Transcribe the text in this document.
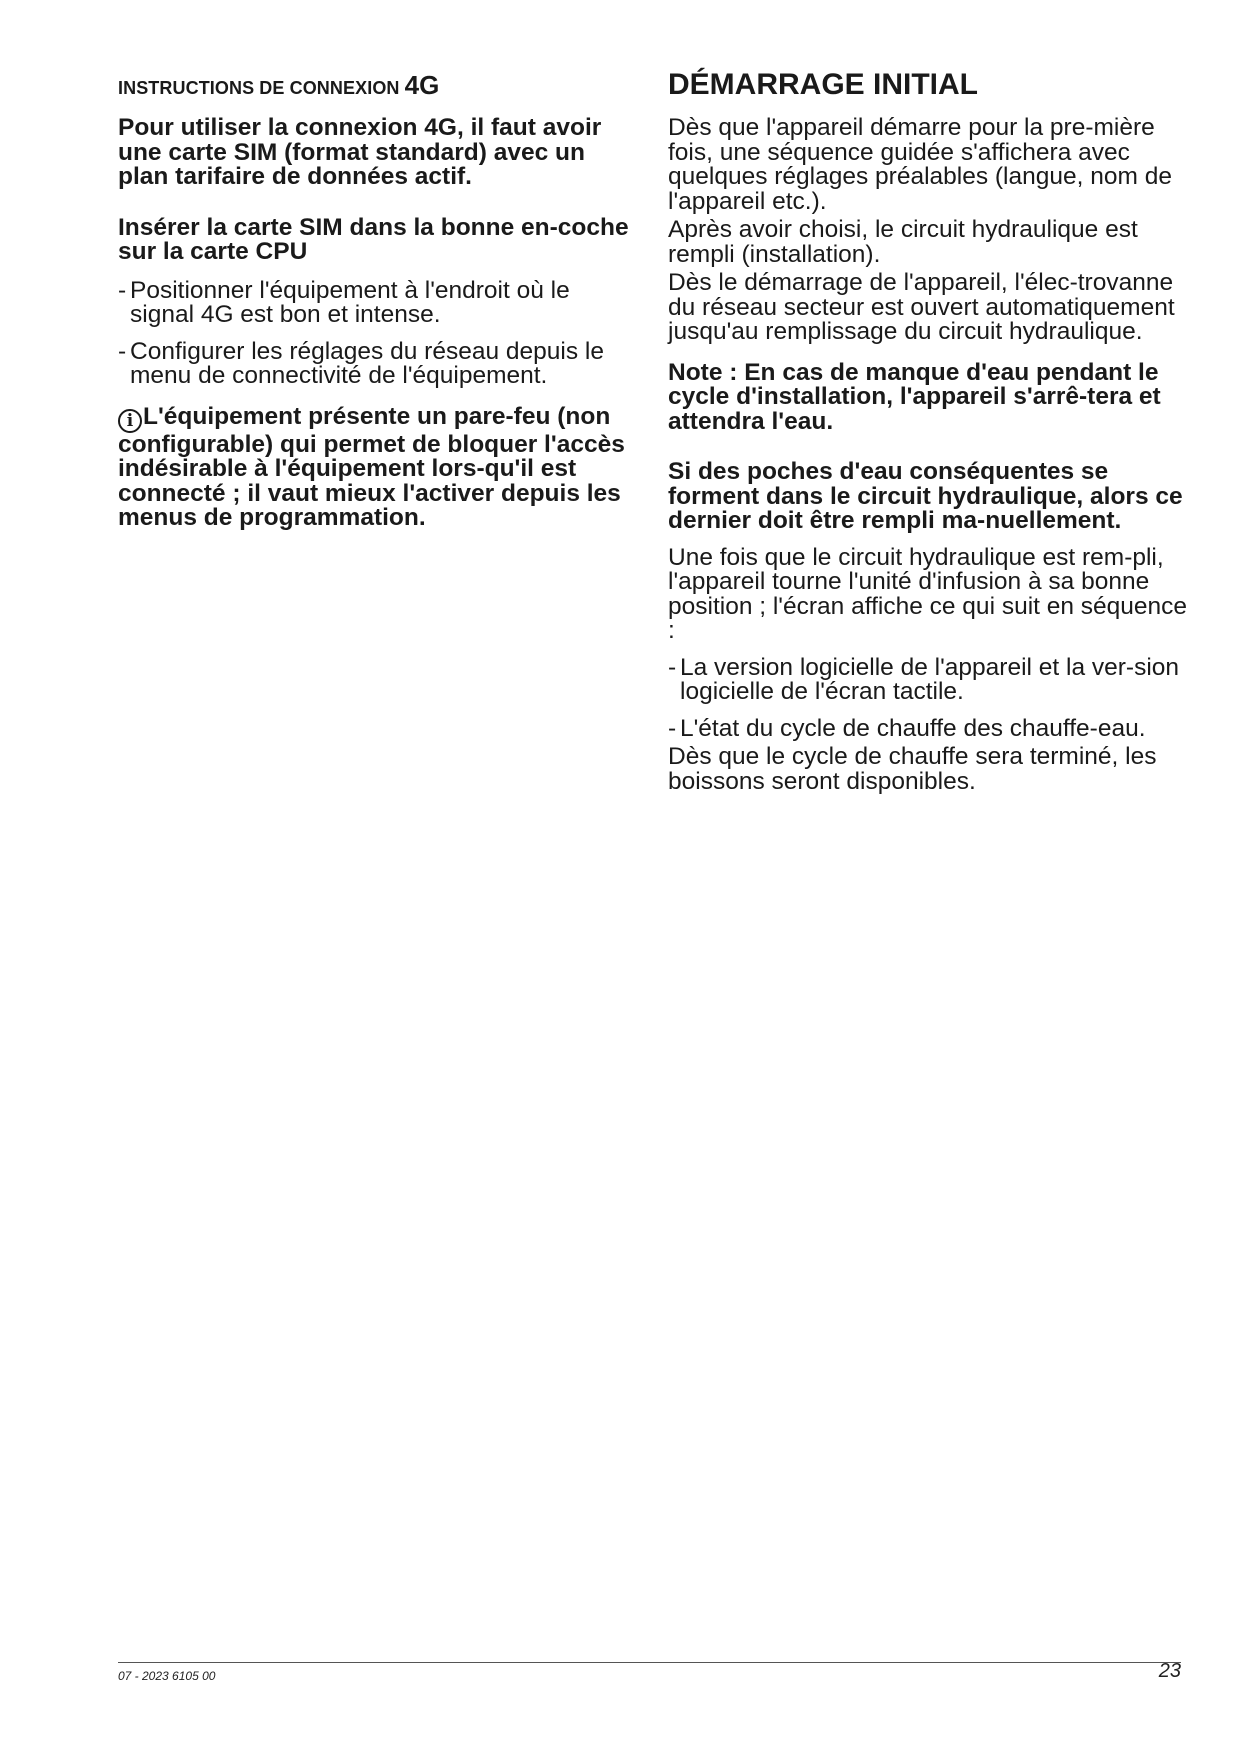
INSTRUCTIONS DE CONNEXION 4G

Pour utiliser la connexion 4G, il faut avoir une carte SIM (format standard) avec un plan tarifaire de données actif.

Insérer la carte SIM dans la bonne en-coche sur la carte CPU

- Positionner l'équipement à l'endroit où le signal 4G est bon et intense.
- Configurer les réglages du réseau depuis le menu de connectivité de l'équipement.
i L'équipement présente un pare-feu (non configurable) qui permet de bloquer l'accès indésirable à l'équipement lors-qu'il est connecté ; il vaut mieux l'activer depuis les menus de programmation.
DÉMARRAGE INITIAL

Dès que l'appareil démarre pour la pre-mière fois, une séquence guidée s'affichera avec quelques réglages préalables (langue, nom de l'appareil etc.).

Après avoir choisi, le circuit hydraulique est rempli (installation).

Dès le démarrage de l'appareil, l'élec-trovanne du réseau secteur est ouvert automatiquement jusqu'au remplissage du circuit hydraulique.

Note : En cas de manque d'eau pendant le cycle d'installation, l'appareil s'arrê-tera et attendra l'eau.

Si des poches d'eau conséquentes se forment dans le circuit hydraulique, alors ce dernier doit être rempli ma-nuellement.

Une fois que le circuit hydraulique est rem-pli, l'appareil tourne l'unité d'infusion à sa bonne position ; l'écran affiche ce qui suit en séquence :

- La version logicielle de l'appareil et la ver-sion logicielle de l'écran tactile.
- L'état du cycle de chauffe des chauffe-eau.

Dès que le cycle de chauffe sera terminé, les boissons seront disponibles.

07 - 2023 6105 00	23
